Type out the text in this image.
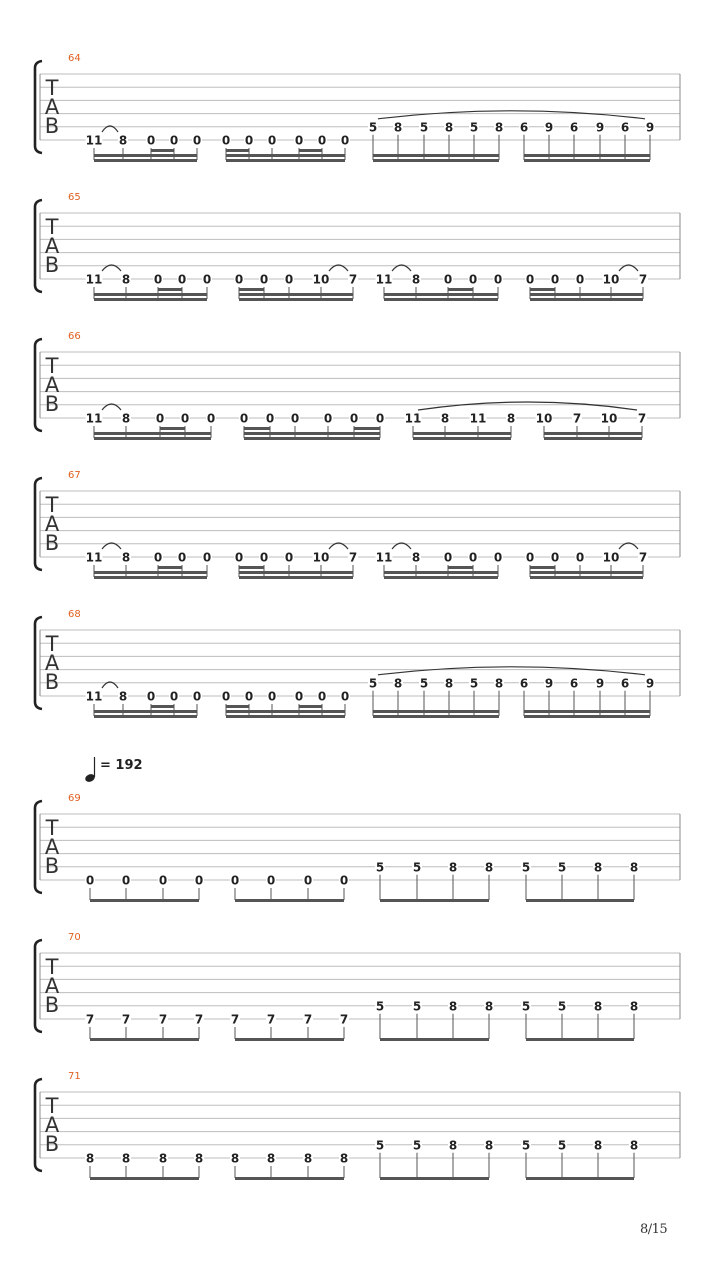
T
A
B
64
11 8 0 0 0 0 0 0 0 0 0
5 8 5 8 5 8 6 9 6 9 6 9
T
A
B
65
11 8 0 0 0 0 0 0 10 7 11 8 0 0 0 0 0 0 10 7
T
A
B
66
11 8 0 0 0 0 0 0 0 0 0 11 8 11 8 10 7 10 7
T
A
B
67
11 8 0 0 0 0 0 0 10 7 11 8 0 0 0 0 0 0 10 7
T
A
B
68
11 8 0 0 0 0 0 0 0 0 0
5 8 5 8 5 8 6 9 6 9 6 9
T
A
B
69
0 0 0 0 0 0 0 0
5 5 8 8 5 5 8 8
T
A
B
70
7 7 7 7 7 7 7 7
5 5 8 8 5 5 8 8
T
A
B
71
8 8 8 8 8 8 8 8
5 5 8 8 5 5 8 8
= 192
8/15
